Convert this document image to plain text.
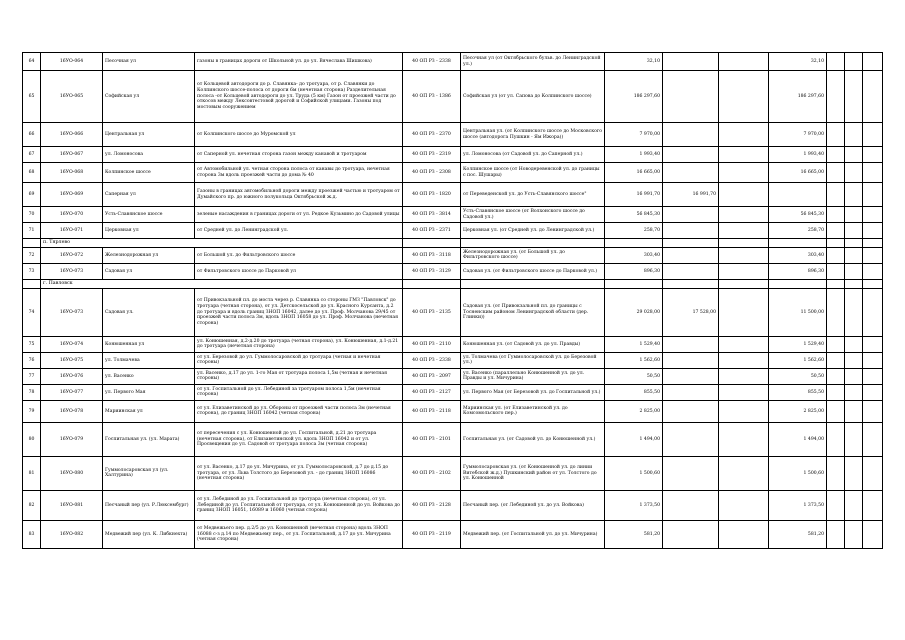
64	16УО-064	Песочная ул	газоны в границах дороги от Школьной ул. до ул. Вячеслава Шишкова)	40 ОП РЗ - 2338	Песочная ул (от Октябрьского бульв. до Ленинградской ул.)	32,10			32,10			
65	16УО-065	Софийская ул	от Кольцевой автодороги до р. Славянка- до тротуара, от р. Славянки до Колпинского шоссе-полоса от дороги 6м (нечетная сторона) Разделительная полоса -от Кольцевой автодороги до ул. Труда (5 км) Газон от проезжей части до откосов между Лексовтестовой дорогой и Софийской улицами. Газоны под мостовым сооружением	40 ОП РЗ - 1386	Софийская ул (от ул. Сапова до Колпинского шоссе)	186 297,60			186 297,60			
66	16УО-066	Центральная ул	от Колпинского шоссе до Муромской ул	40 ОП РЗ - 2370	Центральная ул. (от Колпинского шоссе до Московского шоссе (автодорога Пушкин - Ям Ижора))	7 970,00			7 970,00			
67	16УО-067	ул. Ломоносова	от Саперной ул. нечетная сторона газон между канавой и тротуаром	40 ОП РЗ - 2319	ул. Ломоносова (от Садовой ул. до Саперной ул.)	1 993,40			1 993,40			
68	16УО-068	Колпинское шоссе	от Автомобильной ул. четная сторона полоса от канавы до тротуара, нечетная сторона 3м вдоль проезжей части до дома № 40	40 ОП РЗ - 2308	Колпинское шоссе (от Новодеревенской ул. до границы с пос. Шушары)	16 665,00			16 665,00			
69	16УО-069	Саперная ул	Газоны в границах автомобильной дороги между проезжей частью и тротуаром от Думайского пр. до южного полукольца Октябрьской ж.д.	40 ОП РЗ - 1820	от Переведенской ул. до Усть-Славянского шоссе"	16 991,70	16 991,70					
70	16УО-070	Усть-Славянское шоссе	зеленые насаждения в границах дороги от ул. Редкое Кузьмино до Садовой улицы	40 ОП РЗ - 3814	Усть-Славянское шоссе (от Волхонского шоссе до Садовой ул.)	56 845,30			56 845,30			
71	16УО-071	Церковная ул	от Средней ул. до Ленинградской ул.	40 ОП РЗ - 2371	Церковная ул. (от Средней ул. до Ленинградской ул.)	258,70			258,70			
	п. Тярлево											
72	16УО-072	Железнодорожная ул	от Большой ул. до Фильтровского шоссе	40 ОП РЗ - 3118	Железнодорожная ул. (от Большой ул. до Фильтровского шоссе)	303,40			303,40			
73	16УО-073	Садовая ул	от Фильтровского шоссе до Парковой ул	40 ОП РЗ - 3129	Садовая ул. (от Фильтровского шоссе до Парковой ул.)	896,30			896,30			
	г. Павловск											
74	16УО-073	Садовая ул.	от Привокзальной пл. до моста через р. Славянка со стороны ГМЗ "Павловск" до тротуара (четная сторона), от ул. Детскосельской до ул. Красного Курсанта, д.2 до тротуара и вдоль границ ЗНОП 16042, далее до ул. Проф. Молчанова 29/45 от проезжей части полоса 3м, вдоль ЗНОП 16058 до ул. Проф. Молчанова (нечетная сторона)	40 ОП РЗ - 2135	Садовая ул. (от Привокзальной пл. до границы с Тосненским районом Ленинградской области (дер. Глинки))	29 028,00	17 528,00		11 500,00			
75	16УО-074	Конюшенная ул	ул. Конюшенная, д.2-д.20 до тротуара (четная сторона), ул. Конюшенная, д.1-д.21 до тротуара (нечетная сторона)	40 ОП РЗ - 2110	Конюшенная ул. (от Садовой ул. до ул. Правды)	1 529,40			1 529,40			
76	16УО-075	ул. Толмачева	от ул. Березовой до ул. Гуммолосаровской до тротуара (четная и нечетная стороны)	40 ОП РЗ - 2338	ул. Толмачева (от Гуммолосаровской ул. до Березовой ул.)	1 562,60			1 562,60			
77	16УО-076	ул. Васенко	ул. Васенко, д.17 до ул. 1-го Мая от тротуара полоса 1,5м (четная и нечетная стороны)	40 ОП РЗ - 2097	ул. Васенко (параллельно Конюшенной ул. до ул. Правды и ул. Мичурина)	50,50			50,50			
78	16УО-077	ул. Первого Мая	от ул. Госпитальной до ул. Лебединой за тротуаром полоса 1,5м (нечетная сторона)	40 ОП РЗ - 2127	ул. Первого Мая (от Березовой ул. до Госпитальной ул.)	855,50			855,50			
79	16УО-078	Мариинская ул	от ул. Елизаветинской до ул. Обороны от проезжей части полоса 3м (нечетная сторона), до границ ЗНОП 16042 (четная сторона)	40 ОП РЗ - 2118	Мариинская ул. (от Елизаветинской ул. до Комсомольского пер.)	2 825,00			2 825,00			
80	16УО-079	Госпитальная ул. (ул. Марата)	от пересечения с ул. Конюшенной до ул. Госпитальной, д.21 до тротуара (нечетная сторона), от Елизаветинской ул. вдоль ЗНОП 16042 и от ул. Просвещения до ул. Садовой от тротуара полоса 3м (четная сторона)	40 ОП РЗ - 2101	Госпитальная ул. (от Садовой ул. до Конюшенной ул.)	1 494,00			1 494,00			
81	16УО-080	Гуммолосаровская ул (ул. Халтурина)	от ул. Васенко, д.17 до ул. Мичурина, от ул. Гуммолосаровской, д.7 до д.15 до тротуара, от ул. Льва Толстого до Березовой ул. - до границ ЗНОП 16086 (нечетная сторона)	40 ОП РЗ - 2102	Гуммолосаровская ул. (от Конюшенной ул. до линии Витебской ж.д.) Пушкинский район от ул. Толстого до ул. Конюшенной	1 500,60			1 500,60			
82	16УО-081	Песчаный пер (ул. Р.Люксембург)	от ул. Лебединой до ул. Госпитальной до тротуара (нечетная сторона), от ул. Лебединой до ул. Госпитальной от тротуара, от ул. Конюшенной до ул. Войкова до границ ЗНОП 16051, 16089 и 16060 (четная сторона)	40 ОП РЗ - 2128	Песчаный пер. (от Лебединой ул. до ул. Войкова)	1 373,50			1 373,50			
83	16УО-082	Медвежий пер (ул. К. Либкнехта)	от Медвежьего пер. д.2/5 до ул. Конюшенной (нечетная сторона) вдоль ЗНОП 16088 с-з д.14 по Медвежьему пер., от ул. Госпитальной, д.17 до ул. Мичурина (четная сторона)	40 ОП РЗ - 2119	Медвежий пер. (от Госпитальной ул. до ул. Мичурина)	581,20			581,20			
